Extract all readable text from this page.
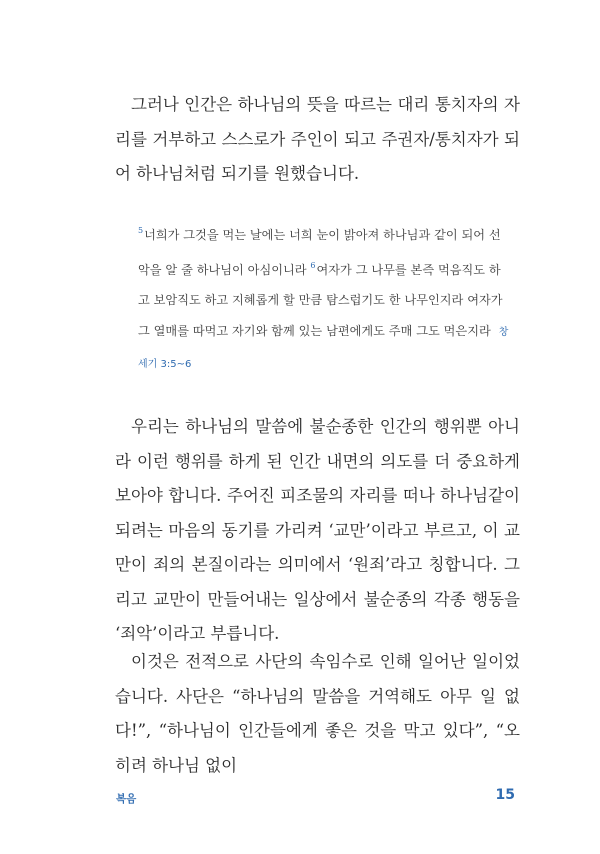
그러나 인간은 하나님의 뜻을 따르는 대리 통치자의 자리를 거부하고 스스로가 주인이 되고 주권자/통치자가 되어 하나님처럼 되기를 원했습니다.

$^5$너희가 그것을 먹는 날에는 너희 눈이 밝아져 하나님과 같이 되어 선악을 알 줄 하나님이 아심이니라 $^6$여자가 그 나무를 본즉 먹음직도 하고 보암직도 하고 지혜롭게 할 만큼 탐스럽기도 한 나무인지라 여자가 그 열매를 따먹고 자기와 함께 있는 남편에게도 주매 그도 먹은지라 창세기 3:5~6

우리는 하나님의 말씀에 불순종한 인간의 행위뿐 아니라 이런 행위를 하게 된 인간 내면의 의도를 더 중요하게 보아야 합니다. 주어진 피조물의 자리를 떠나 하나님같이 되려는 마음의 동기를 가리켜 ‘교만’이라고 부르고, 이 교만이 죄의 본질이라는 의미에서 ‘원죄’라고 칭합니다. 그리고 교만이 만들어내는 일상에서 불순종의 각종 행동을 ‘죄악’이라고 부릅니다.

이것은 전적으로 사단의 속임수로 인해 일어난 일이었습니다. 사단은 “하나님의 말씀을 거역해도 아무 일 없다!”, “하나님이 인간들에게 좋은 것을 막고 있다”, “오히려 하나님 없이

복음	15
